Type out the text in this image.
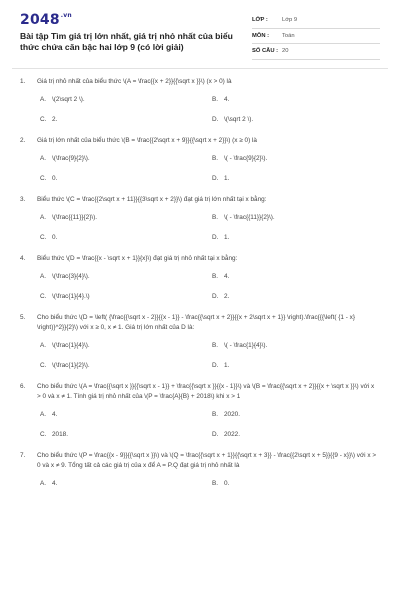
$2048^{.vn}$
Bài tập Tìm giá trị lớn nhất, giá trị nhỏ nhất của biểu thức chứa căn bậc hai lớp 9 (có lời giải)
LỚP :	Lớp 9
MÔN :	Toán
SỐ CÂU : 20
1.	Giá trị nhỏ nhất của biểu thức \(A = \frac{{x + 2}}{{\sqrt x }}\) (x > 0) là
A. \(2\sqrt 2 \).	B. 4.
C. 2.	D. \(\sqrt 2 \).
2.	Giá trị lớn nhất của biểu thức \(B = \frac{{2\sqrt x + 9}}{{\sqrt x + 2}}\) (x ≥ 0) là
A. \(\frac{9}{2}\).	B. \( - \frac{9}{2}\).
C. 0.	D. 1.
3.	Biểu thức \(C = \frac{{2\sqrt x + 11}}{{3\sqrt x + 2}}\) đạt giá trị lớn nhất tại x bằng:
A. \(\frac{{11}}{2}\).	B. \( - \frac{{11}}{2}\).
C. 0.	D. 1.
4.	Biểu thức \(D = \frac{{x - \sqrt x + 1}}{x}\) đạt giá trị nhỏ nhất tại x bằng:
A. \(\frac{3}{4}\).	B. 4.
C. \(\frac{1}{4}.\)	D. 2.
5.	Cho biểu thức \(D = \left( {\frac{{\sqrt x - 2}}{{x - 1}} - \frac{{\sqrt x + 2}}{{x + 2\sqrt x + 1}} \right).\frac{{{\left( {1 - x} \right)}^2}}{2}\) với x ≥ 0, x ≠ 1. Giá trị lớn nhất của D là:
A. \(\frac{1}{4}\).	B. \( - \frac{1}{4}\).
C. \(\frac{1}{2}\).	D. 1.
6.	Cho biểu thức \(A = \frac{{\sqrt x }}{{\sqrt x - 1}} + \frac{{\sqrt x }}{{x - 1}}\) và \(B = \frac{{\sqrt x + 2}}{{x + \sqrt x }}\) với x > 0 và x ≠ 1. Tính giá trị nhỏ nhất của \(P = \frac{A}{B} + 2018\) khi x > 1
A. 4.	B. 2020.
C. 2018.	D. 2022.
7.	Cho biểu thức \(P = \frac{{x - 9}}{{\sqrt x }}\) và \(Q = \frac{{\sqrt x + 1}}{{\sqrt x + 3}} - \frac{{2\sqrt x + 5}}{{9 - x}}\) với x > 0 và x ≠ 9. Tổng tất cả các giá trị của x để A = P.Q đạt giá trị nhỏ nhất là
A. 4.	B. 0.
